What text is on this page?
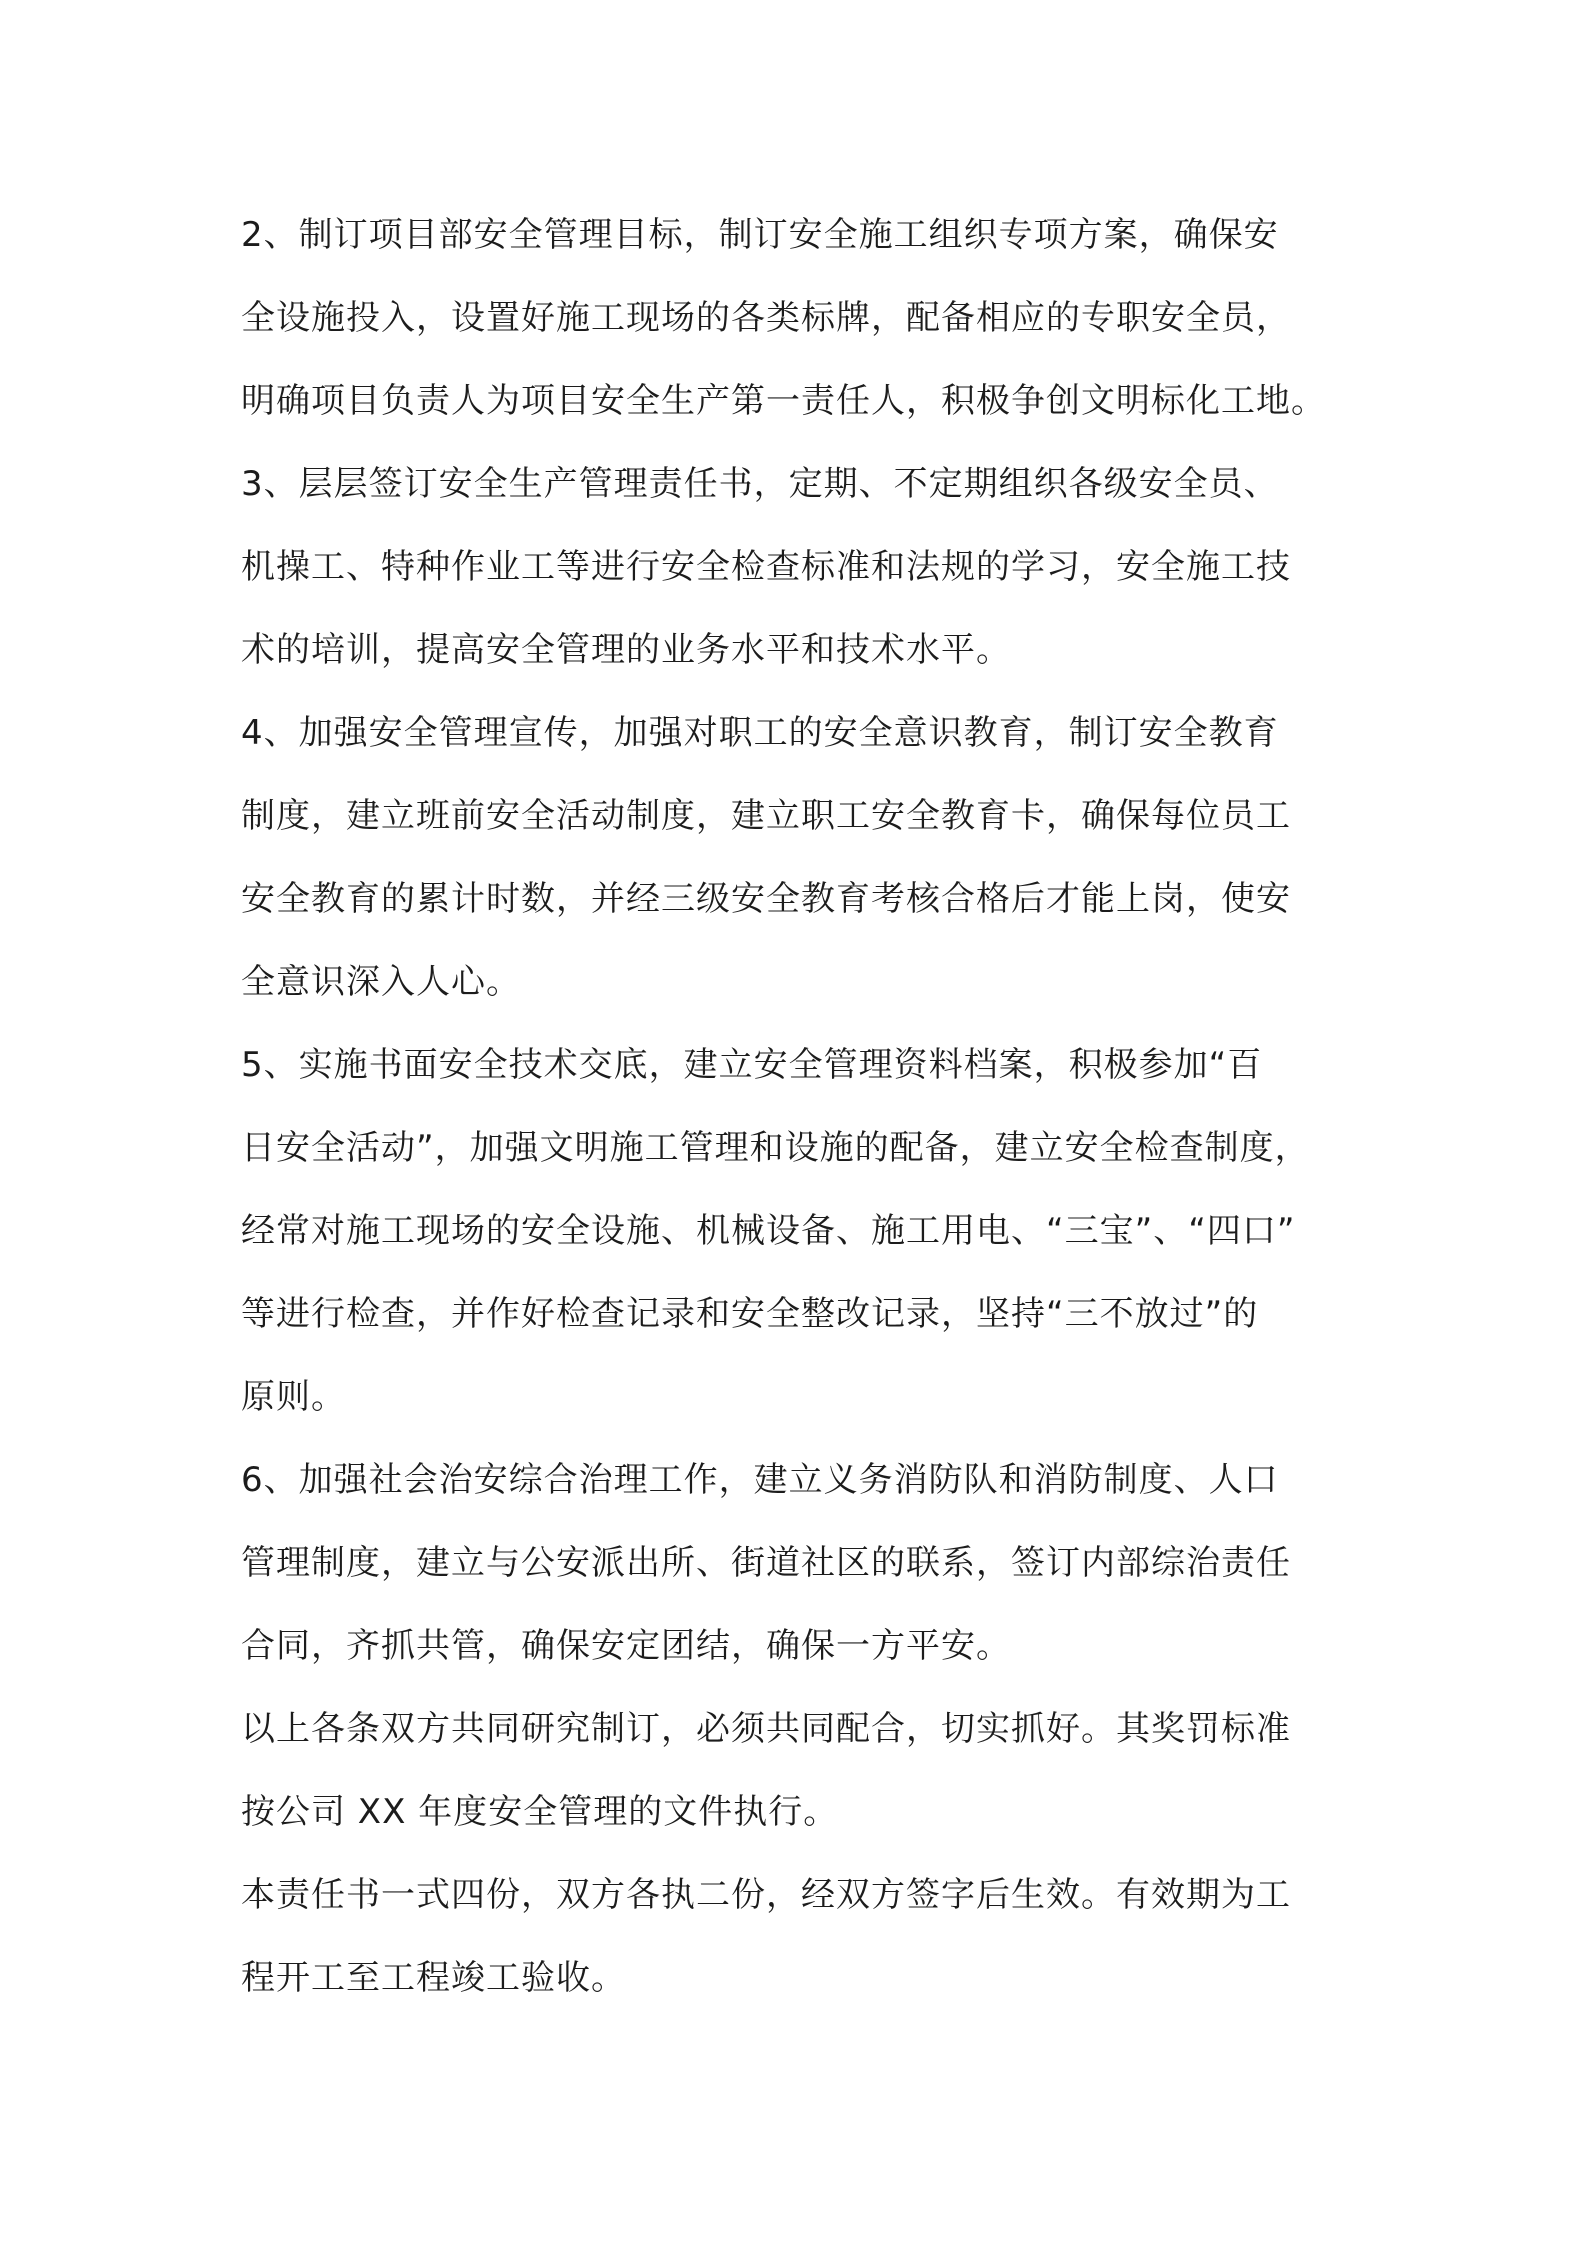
2、制订项目部安全管理目标，制订安全施工组织专项方案，确保安
全设施投入，设置好施工现场的各类标牌，配备相应的专职安全员，
明确项目负责人为项目安全生产第一责任人，积极争创文明标化工地。
3、层层签订安全生产管理责任书，定期、不定期组织各级安全员、
机操工、特种作业工等进行安全检查标准和法规的学习，安全施工技
术的培训，提高安全管理的业务水平和技术水平。
4、加强安全管理宣传，加强对职工的安全意识教育，制订安全教育
制度，建立班前安全活动制度，建立职工安全教育卡，确保每位员工
安全教育的累计时数，并经三级安全教育考核合格后才能上岗，使安
全意识深入人心。
5、实施书面安全技术交底，建立安全管理资料档案，积极参加“百
日安全活动”，加强文明施工管理和设施的配备，建立安全检查制度，
经常对施工现场的安全设施、机械设备、施工用电、“三宝”、“四口”
等进行检查，并作好检查记录和安全整改记录，坚持“三不放过”的
原则。
6、加强社会治安综合治理工作，建立义务消防队和消防制度、人口
管理制度，建立与公安派出所、街道社区的联系，签订内部综治责任
合同，齐抓共管，确保安定团结，确保一方平安。
以上各条双方共同研究制订，必须共同配合，切实抓好。其奖罚标准
按公司 XX 年度安全管理的文件执行。
本责任书一式四份，双方各执二份，经双方签字后生效。有效期为工
程开工至工程竣工验收。
